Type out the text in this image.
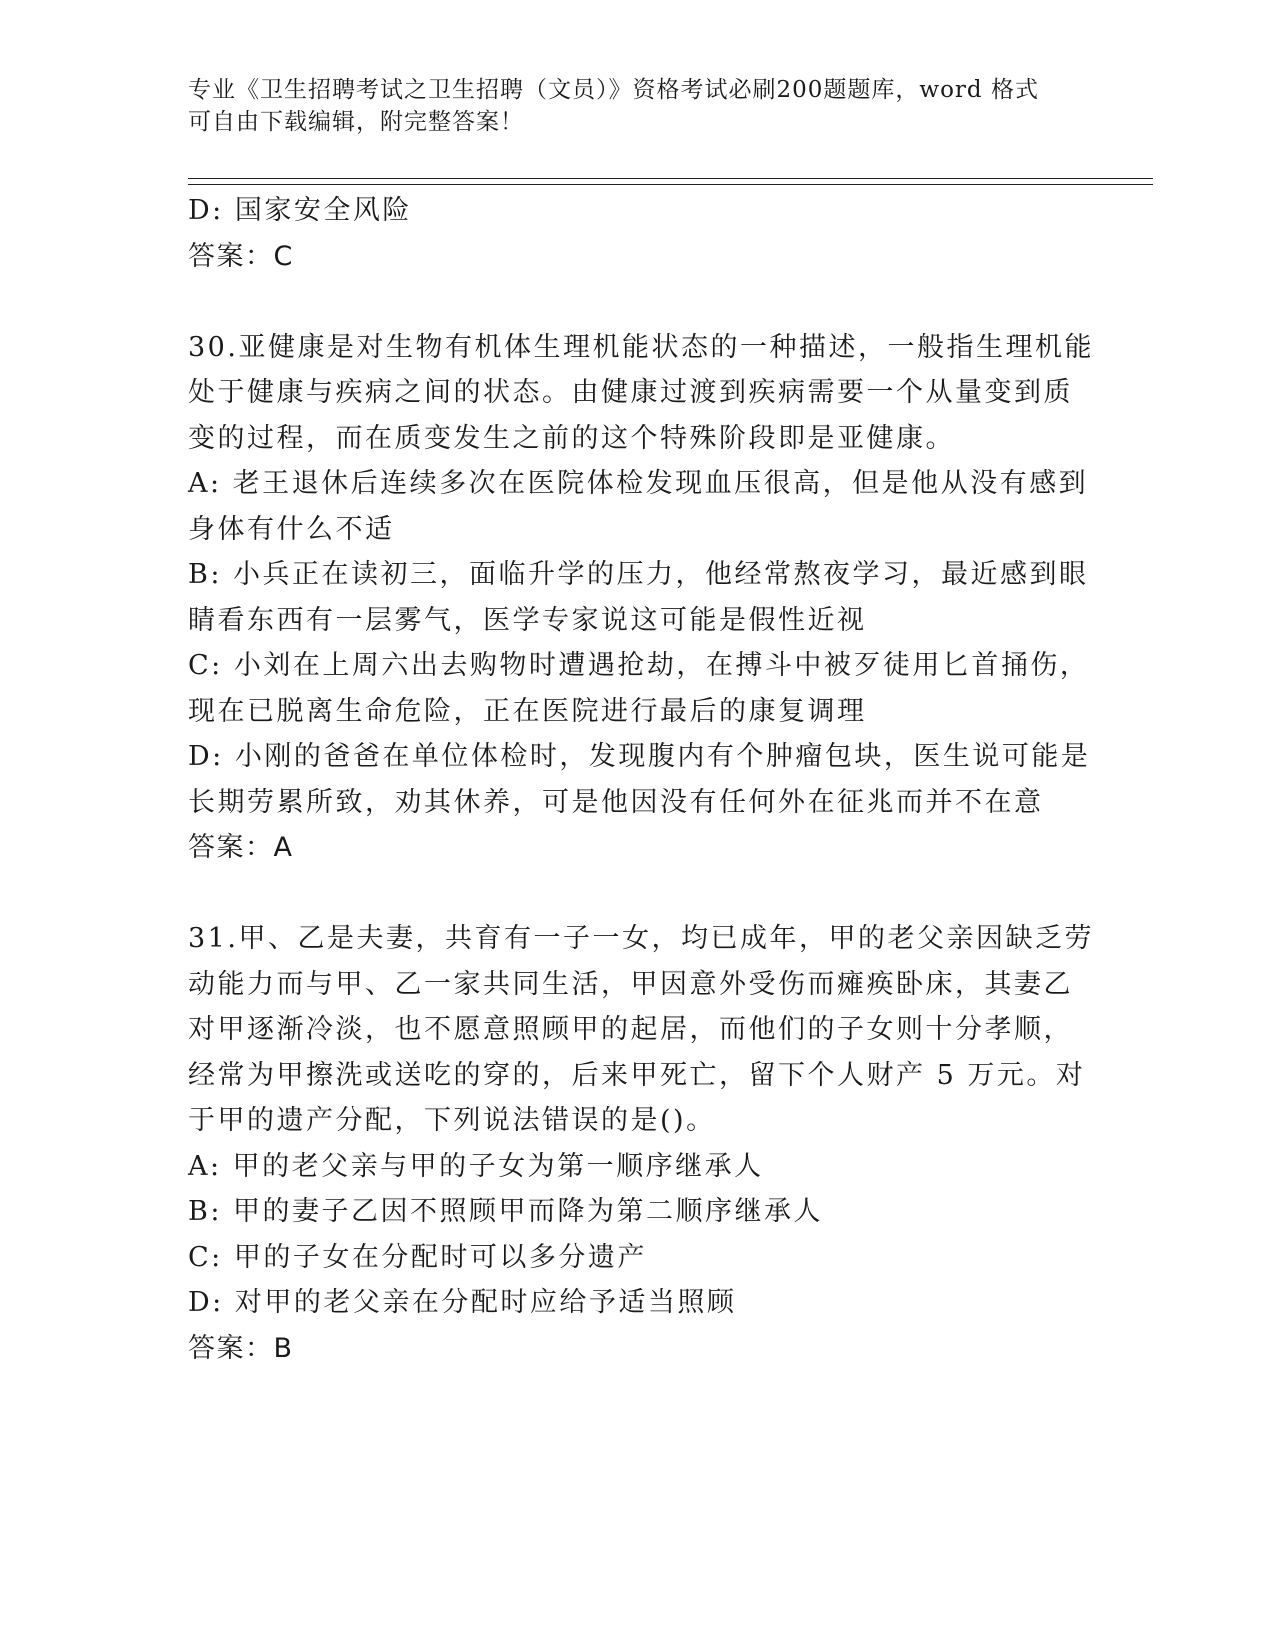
专业《卫生招聘考试之卫生招聘（文员）》资格考试必刷200题题库，word 格式
可自由下载编辑，附完整答案！
D: 国家安全风险
答案：C
30.亚健康是对生物有机体生理机能状态的一种描述，一般指生理机能
处于健康与疾病之间的状态。由健康过渡到疾病需要一个从量变到质
变的过程，而在质变发生之前的这个特殊阶段即是亚健康。
A: 老王退休后连续多次在医院体检发现血压很高，但是他从没有感到
身体有什么不适
B: 小兵正在读初三，面临升学的压力，他经常熬夜学习，最近感到眼
睛看东西有一层雾气，医学专家说这可能是假性近视
C: 小刘在上周六出去购物时遭遇抢劫，在搏斗中被歹徒用匕首捅伤，
现在已脱离生命危险，正在医院进行最后的康复调理
D: 小刚的爸爸在单位体检时，发现腹内有个肿瘤包块，医生说可能是
长期劳累所致，劝其休养，可是他因没有任何外在征兆而并不在意
答案：A
31.甲、乙是夫妻，共育有一子一女，均已成年，甲的老父亲因缺乏劳
动能力而与甲、乙一家共同生活，甲因意外受伤而瘫痪卧床，其妻乙
对甲逐渐冷淡，也不愿意照顾甲的起居，而他们的子女则十分孝顺，
经常为甲擦洗或送吃的穿的，后来甲死亡，留下个人财产 5 万元。对
于甲的遗产分配，下列说法错误的是()。
A: 甲的老父亲与甲的子女为第一顺序继承人
B: 甲的妻子乙因不照顾甲而降为第二顺序继承人
C: 甲的子女在分配时可以多分遗产
D: 对甲的老父亲在分配时应给予适当照顾
答案：B
